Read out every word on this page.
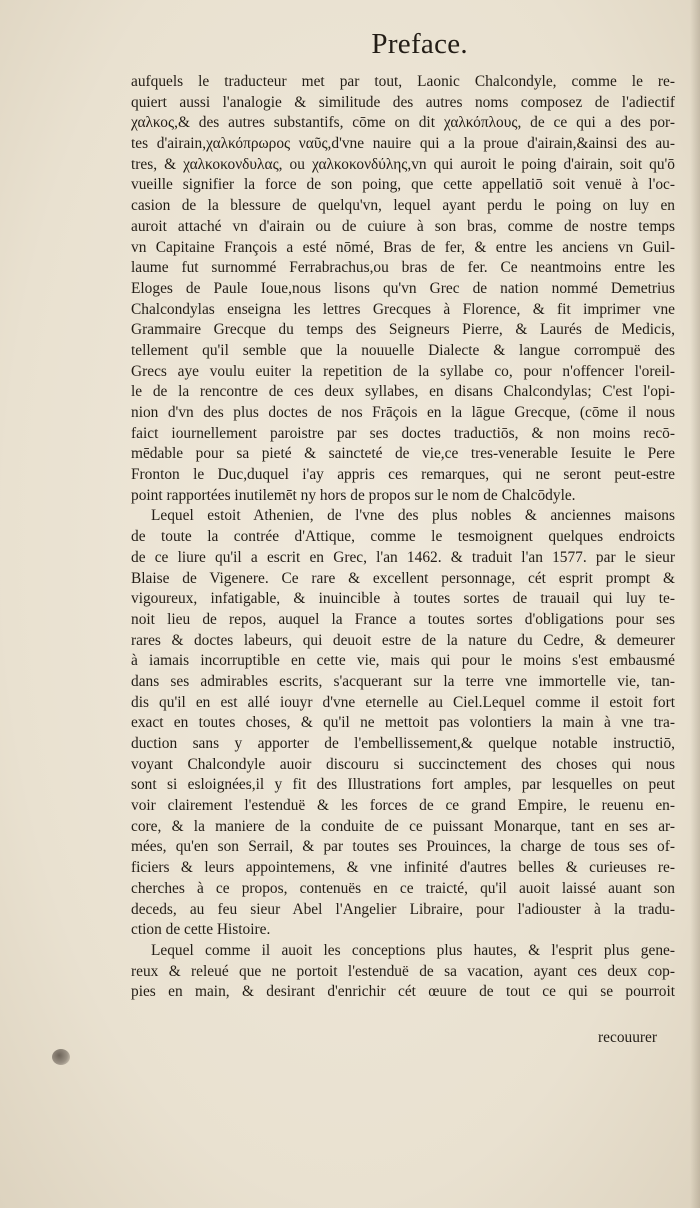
Preface.
aufquels le traducteur met par tout, Laonic Chalcondyle, comme le re-
quiert aussi l'analogie & similitude des autres noms composez de l'adiectif
χαλκος,& des autres substantifs, cōme on dit χαλκόπλους, de ce qui a des por-
tes d'airain,χαλκόπρωρος ναῦς,d'vne nauire qui a la proue d'airain,&ainsi des au-
tres, & χαλκοκονδυλας, ou χαλκοκονδύλης,vn qui auroit le poing d'airain, soit qu'ō
vueille signifier la force de son poing, que cette appellatiō soit venuë à l'oc-
casion de la blessure de quelqu'vn, lequel ayant perdu le poing on luy en
auroit attaché vn d'airain ou de cuiure à son bras, comme de nostre temps
vn Capitaine François a esté nōmé, Bras de fer, & entre les anciens vn Guil-
laume fut surnommé Ferrabrachus,ou bras de fer. Ce neantmoins entre les
Eloges de Paule Ioue,nous lisons qu'vn Grec de nation nommé Demetrius
Chalcondylas enseigna les lettres Grecques à Florence, & fit imprimer vne
Grammaire Grecque du temps des Seigneurs Pierre, & Laurés de Medicis,
tellement qu'il semble que la nouuelle Dialecte & langue corrompuë des
Grecs aye voulu euiter la repetition de la syllabe co, pour n'offencer l'oreil-
le de la rencontre de ces deux syllabes, en disans Chalcondylas; C'est l'opi-
nion d'vn des plus doctes de nos Frāçois en la lāgue Grecque, (cōme il nous
faict iournellement paroistre par ses doctes traductiōs, & non moins recō-
mēdable pour sa pieté & saincteté de vie,ce tres-venerable Iesuite le Pere
Fronton le Duc,duquel i'ay appris ces remarques, qui ne seront peut-estre
point rapportées inutilemēt ny hors de propos sur le nom de Chalcōdyle.
Lequel estoit Athenien, de l'vne des plus nobles & anciennes maisons
de toute la contrée d'Attique, comme le tesmoignent quelques endroicts
de ce liure qu'il a escrit en Grec, l'an 1462. & traduit l'an 1577. par le sieur
Blaise de Vigenere. Ce rare & excellent personnage, cét esprit prompt &
vigoureux, infatigable, & inuincible à toutes sortes de trauail qui luy te-
noit lieu de repos, auquel la France a toutes sortes d'obligations pour ses
rares & doctes labeurs, qui deuoit estre de la nature du Cedre, & demeurer
à iamais incorruptible en cette vie, mais qui pour le moins s'est embausmé
dans ses admirables escrits, s'acquerant sur la terre vne immortelle vie, tan-
dis qu'il en est allé iouyr d'vne eternelle au Ciel.Lequel comme il estoit fort
exact en toutes choses, & qu'il ne mettoit pas volontiers la main à vne tra-
duction sans y apporter de l'embellissement,& quelque notable instructiō,
voyant Chalcondyle auoir discouru si succinctement des choses qui nous
sont si esloignées,il y fit des Illustrations fort amples, par lesquelles on peut
voir clairement l'estenduë & les forces de ce grand Empire, le reuenu en-
core, & la maniere de la conduite de ce puissant Monarque, tant en ses ar-
mées, qu'en son Serrail, & par toutes ses Prouinces, la charge de tous ses of-
ficiers & leurs appointemens, & vne infinité d'autres belles & curieuses re-
cherches à ce propos, contenuës en ce traicté, qu'il auoit laissé auant son
deceds, au feu sieur Abel l'Angelier Libraire, pour l'adiouster à la tradu-
ction de cette Histoire.
Lequel comme il auoit les conceptions plus hautes, & l'esprit plus gene-
reux & releué que ne portoit l'estenduë de sa vacation, ayant ces deux cop-
pies en main, & desirant d'enrichir cét œuure de tout ce qui se pourroit
recouurer
